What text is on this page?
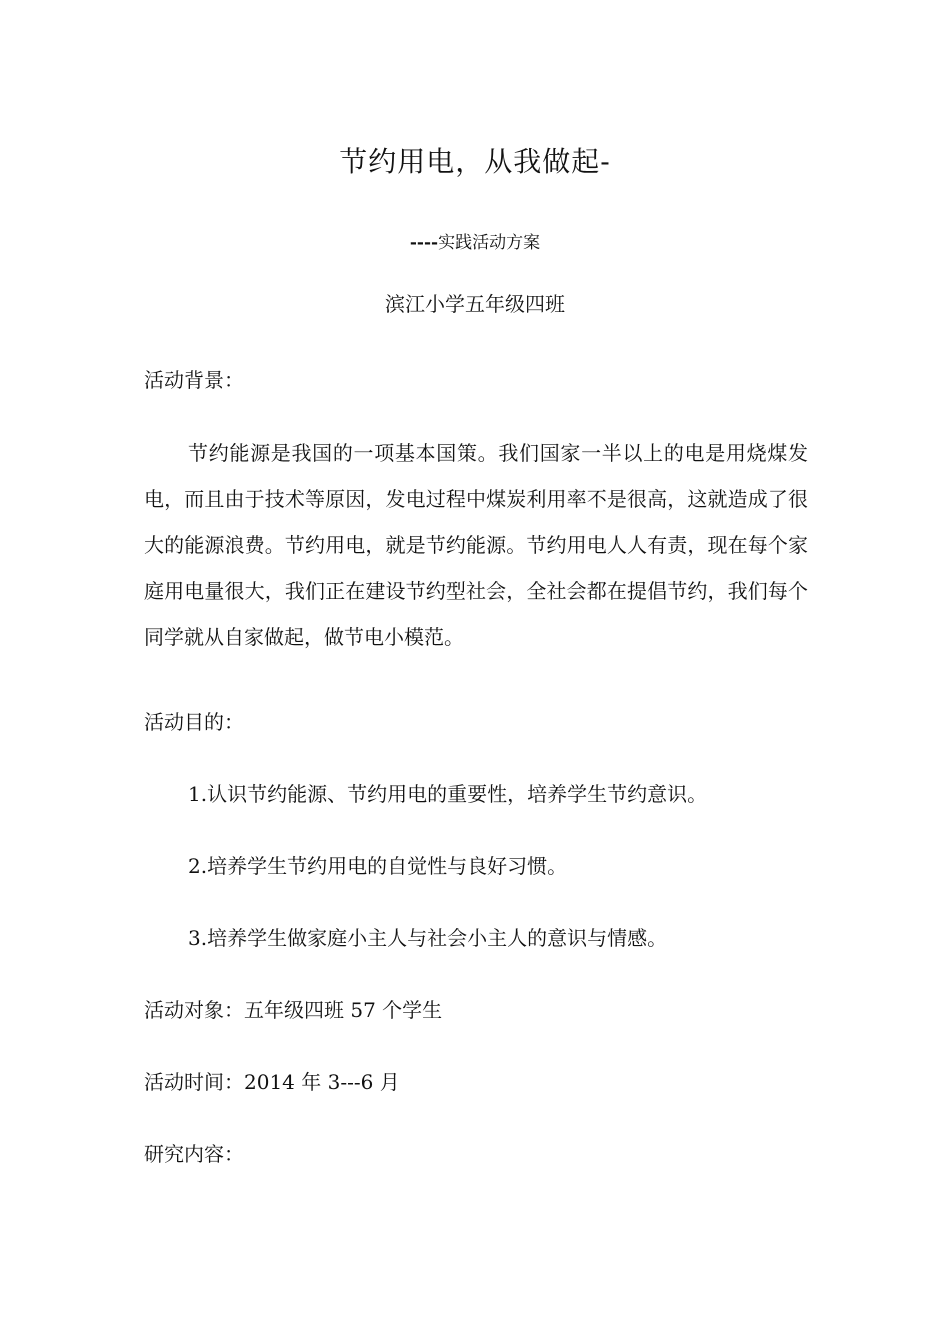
节约用电，从我做起-
----实践活动方案
滨江小学五年级四班
活动背景：
节约能源是我国的一项基本国策。我们国家一半以上的电是用烧煤发电，而且由于技术等原因，发电过程中煤炭利用率不是很高，这就造成了很大的能源浪费。节约用电，就是节约能源。节约用电人人有责，现在每个家庭用电量很大，我们正在建设节约型社会，全社会都在提倡节约，我们每个同学就从自家做起，做节电小模范。
活动目的：
1.认识节约能源、节约用电的重要性，培养学生节约意识。
2.培养学生节约用电的自觉性与良好习惯。
3.培养学生做家庭小主人与社会小主人的意识与情感。
活动对象：五年级四班 57 个学生
活动时间：2014 年 3---6 月
研究内容：
